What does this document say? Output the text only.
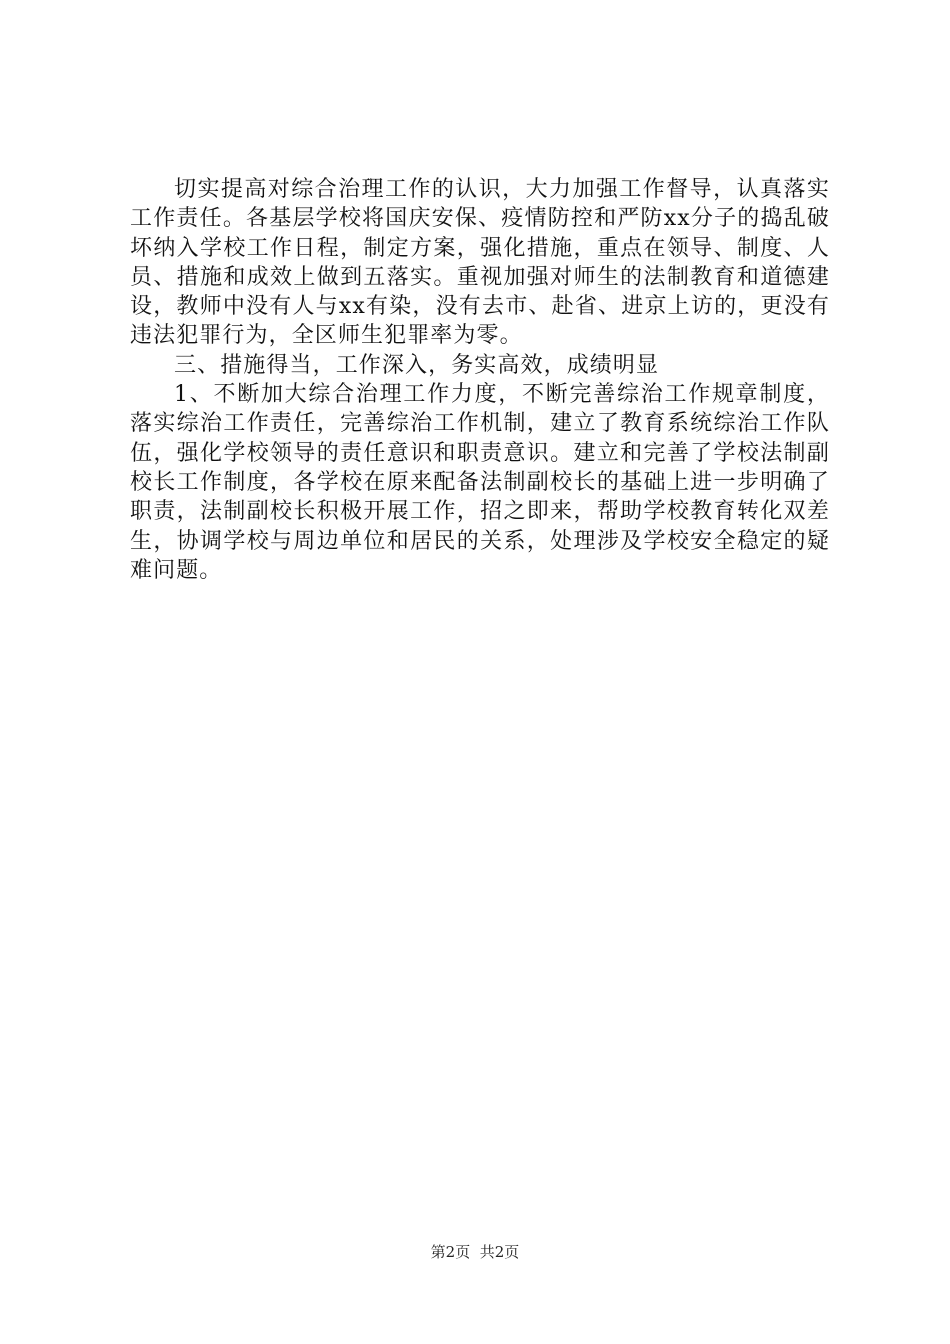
切实提高对综合治理工作的认识，大力加强工作督导，认真落实工作责任。各基层学校将国庆安保、疫情防控和严防xx分子的捣乱破坏纳入学校工作日程，制定方案，强化措施，重点在领导、制度、人员、措施和成效上做到五落实。重视加强对师生的法制教育和道德建设，教师中没有人与xx有染，没有去市、赴省、进京上访的，更没有违法犯罪行为，全区师生犯罪率为零。

三、措施得当，工作深入，务实高效，成绩明显

1、不断加大综合治理工作力度，不断完善综治工作规章制度，落实综治工作责任，完善综治工作机制，建立了教育系统综治工作队伍，强化学校领导的责任意识和职责意识。建立和完善了学校法制副校长工作制度，各学校在原来配备法制副校长的基础上进一步明确了职责，法制副校长积极开展工作，招之即来，帮助学校教育转化双差生，协调学校与周边单位和居民的关系，处理涉及学校安全稳定的疑难问题。

第2页 共2页
